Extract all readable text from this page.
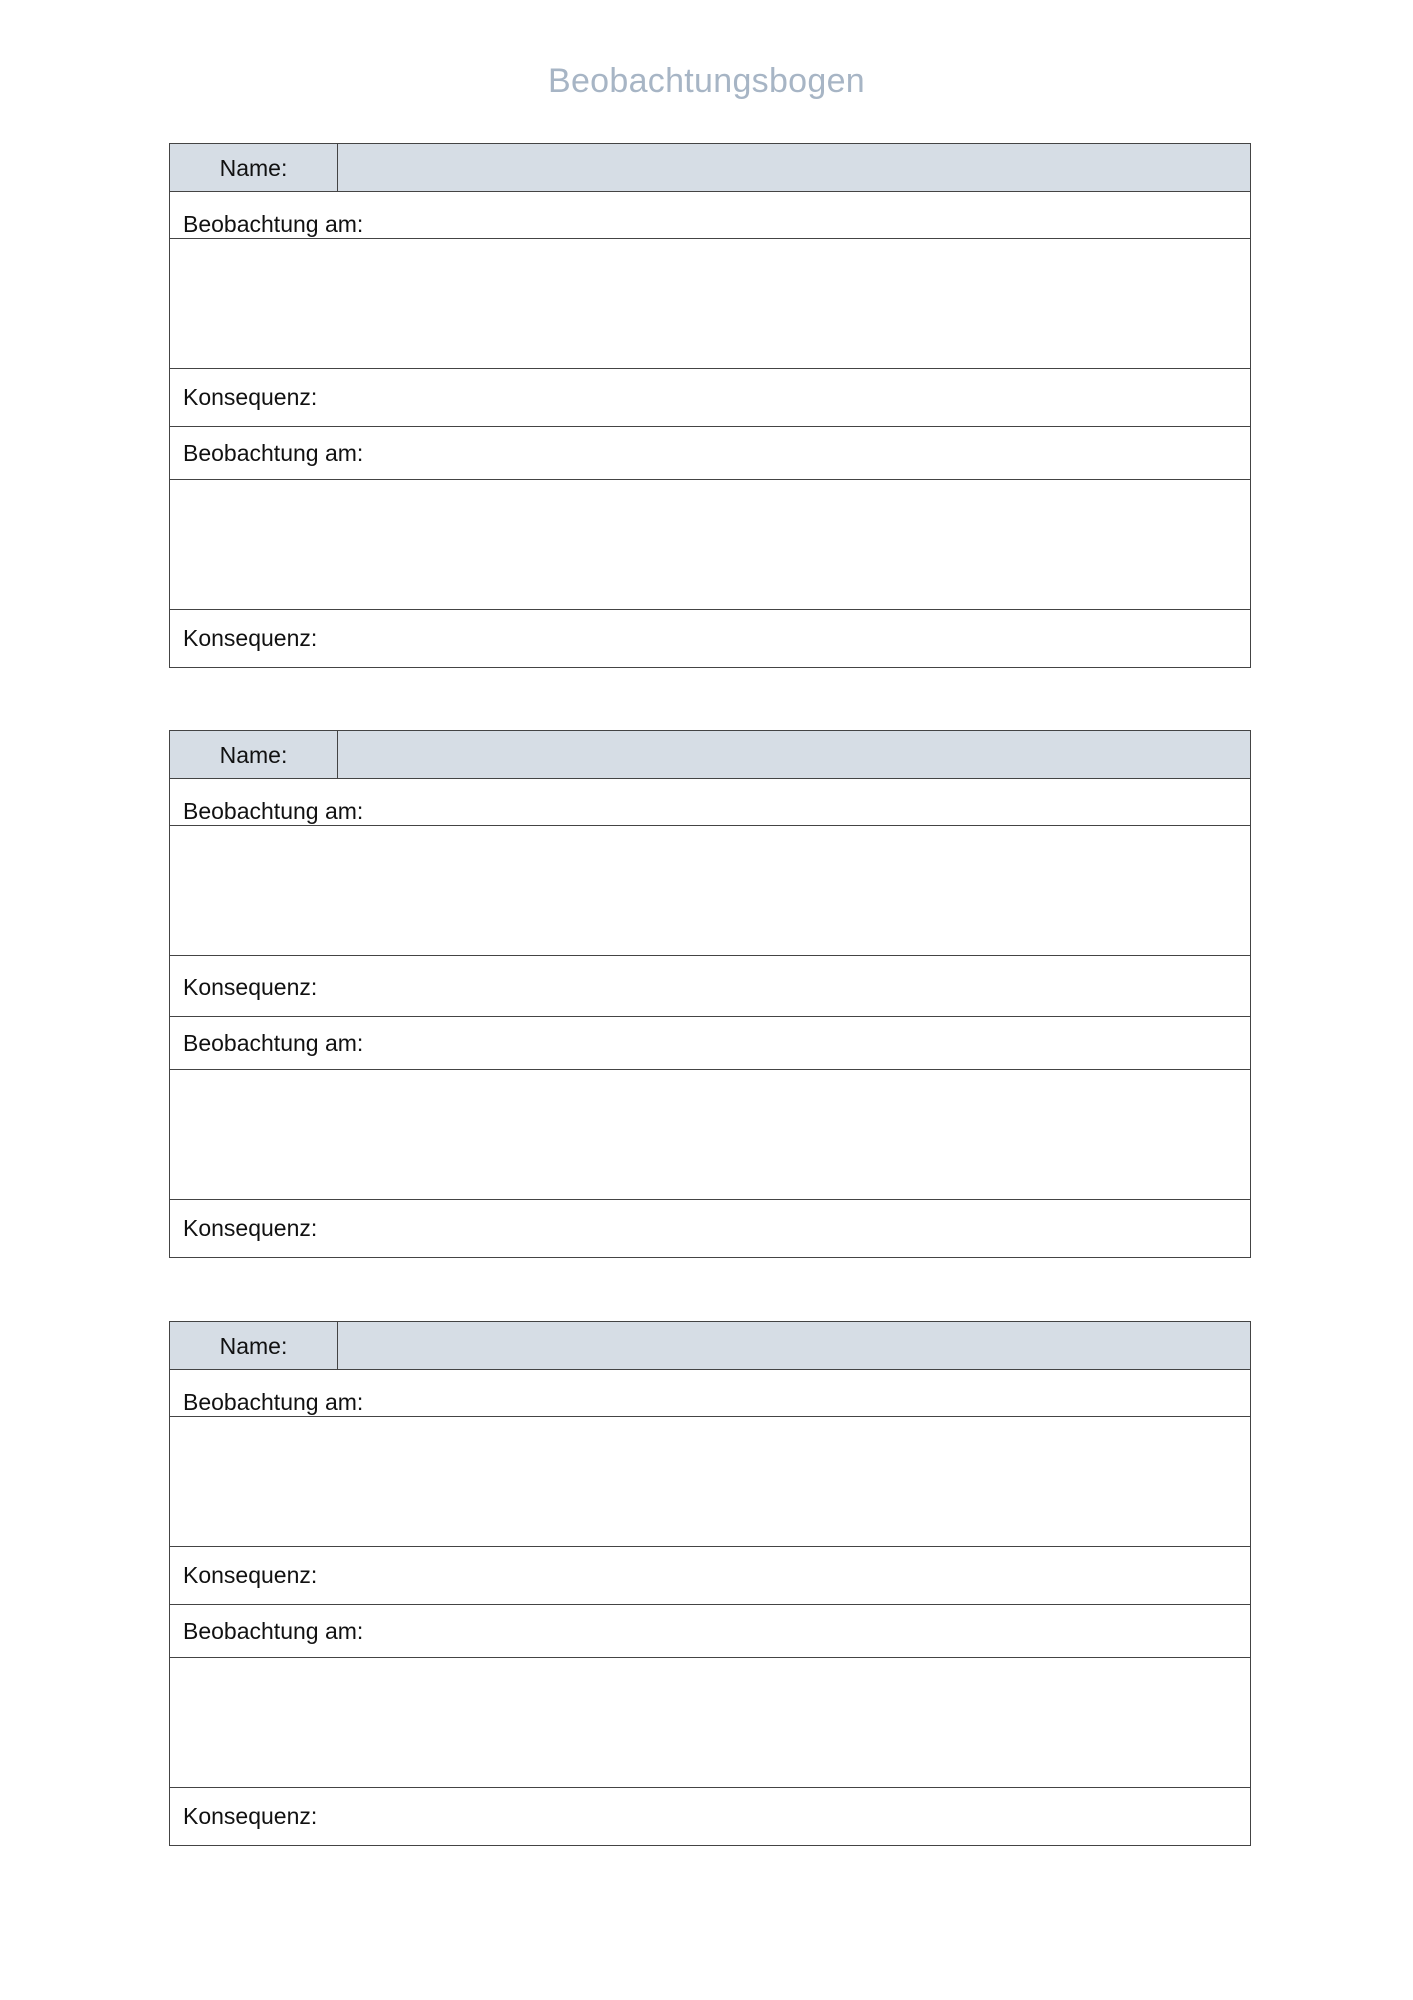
Beobachtungsbogen
Name:
Beobachtung am:
Konsequenz:
Beobachtung am:
Konsequenz:
Name:
Beobachtung am:
Konsequenz:
Beobachtung am:
Konsequenz:
Name:
Beobachtung am:
Konsequenz:
Beobachtung am:
Konsequenz:
